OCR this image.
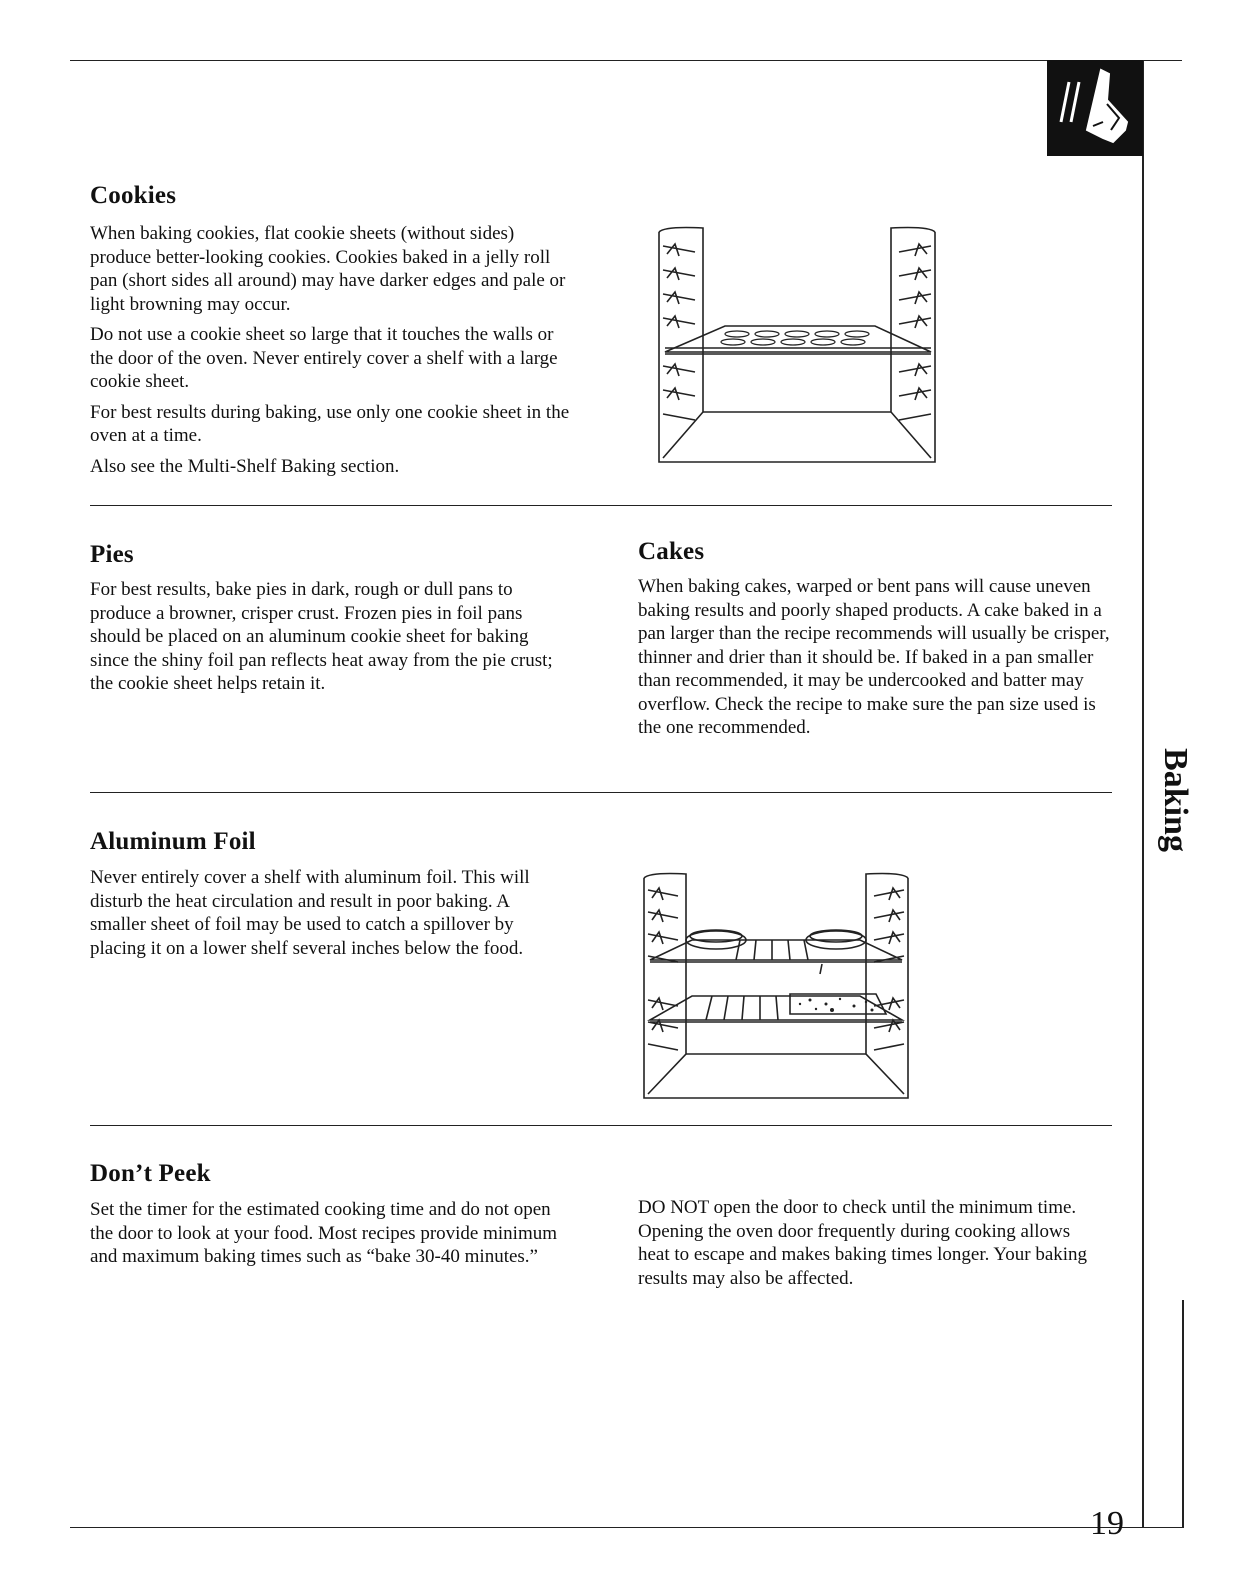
Cookies

When baking cookies, flat cookie sheets (without sides) produce better-looking cookies. Cookies baked in a jelly roll pan (short sides all around) may have darker edges and pale or light browning may occur.

Do not use a cookie sheet so large that it touches the walls or the door of the oven. Never entirely cover a shelf with a large cookie sheet.

For best results during baking, use only one cookie sheet in the oven at a time.

Also see the Multi-Shelf Baking section.

Pies

For best results, bake pies in dark, rough or dull pans to produce a browner, crisper crust. Frozen pies in foil pans should be placed on an aluminum cookie sheet for baking since the shiny foil pan reflects heat away from the pie crust; the cookie sheet helps retain it.

Cakes

When baking cakes, warped or bent pans will cause uneven baking results and poorly shaped products. A cake baked in a pan larger than the recipe recommends will usually be crisper, thinner and drier than it should be. If baked in a pan smaller than recommended, it may be undercooked and batter may overflow. Check the recipe to make sure the pan size used is the one recommended.

Aluminum Foil

Never entirely cover a shelf with aluminum foil. This will disturb the heat circulation and result in poor baking. A smaller sheet of foil may be used to catch a spillover by placing it on a lower shelf several inches below the food.

Don’t Peek

Set the timer for the estimated cooking time and do not open the door to look at your food. Most recipes provide minimum and maximum baking times such as “bake 30-40 minutes.”

DO NOT open the door to check until the minimum time. Opening the oven door frequently during cooking allows heat to escape and makes baking times longer. Your baking results may also be affected.

Baking
19
